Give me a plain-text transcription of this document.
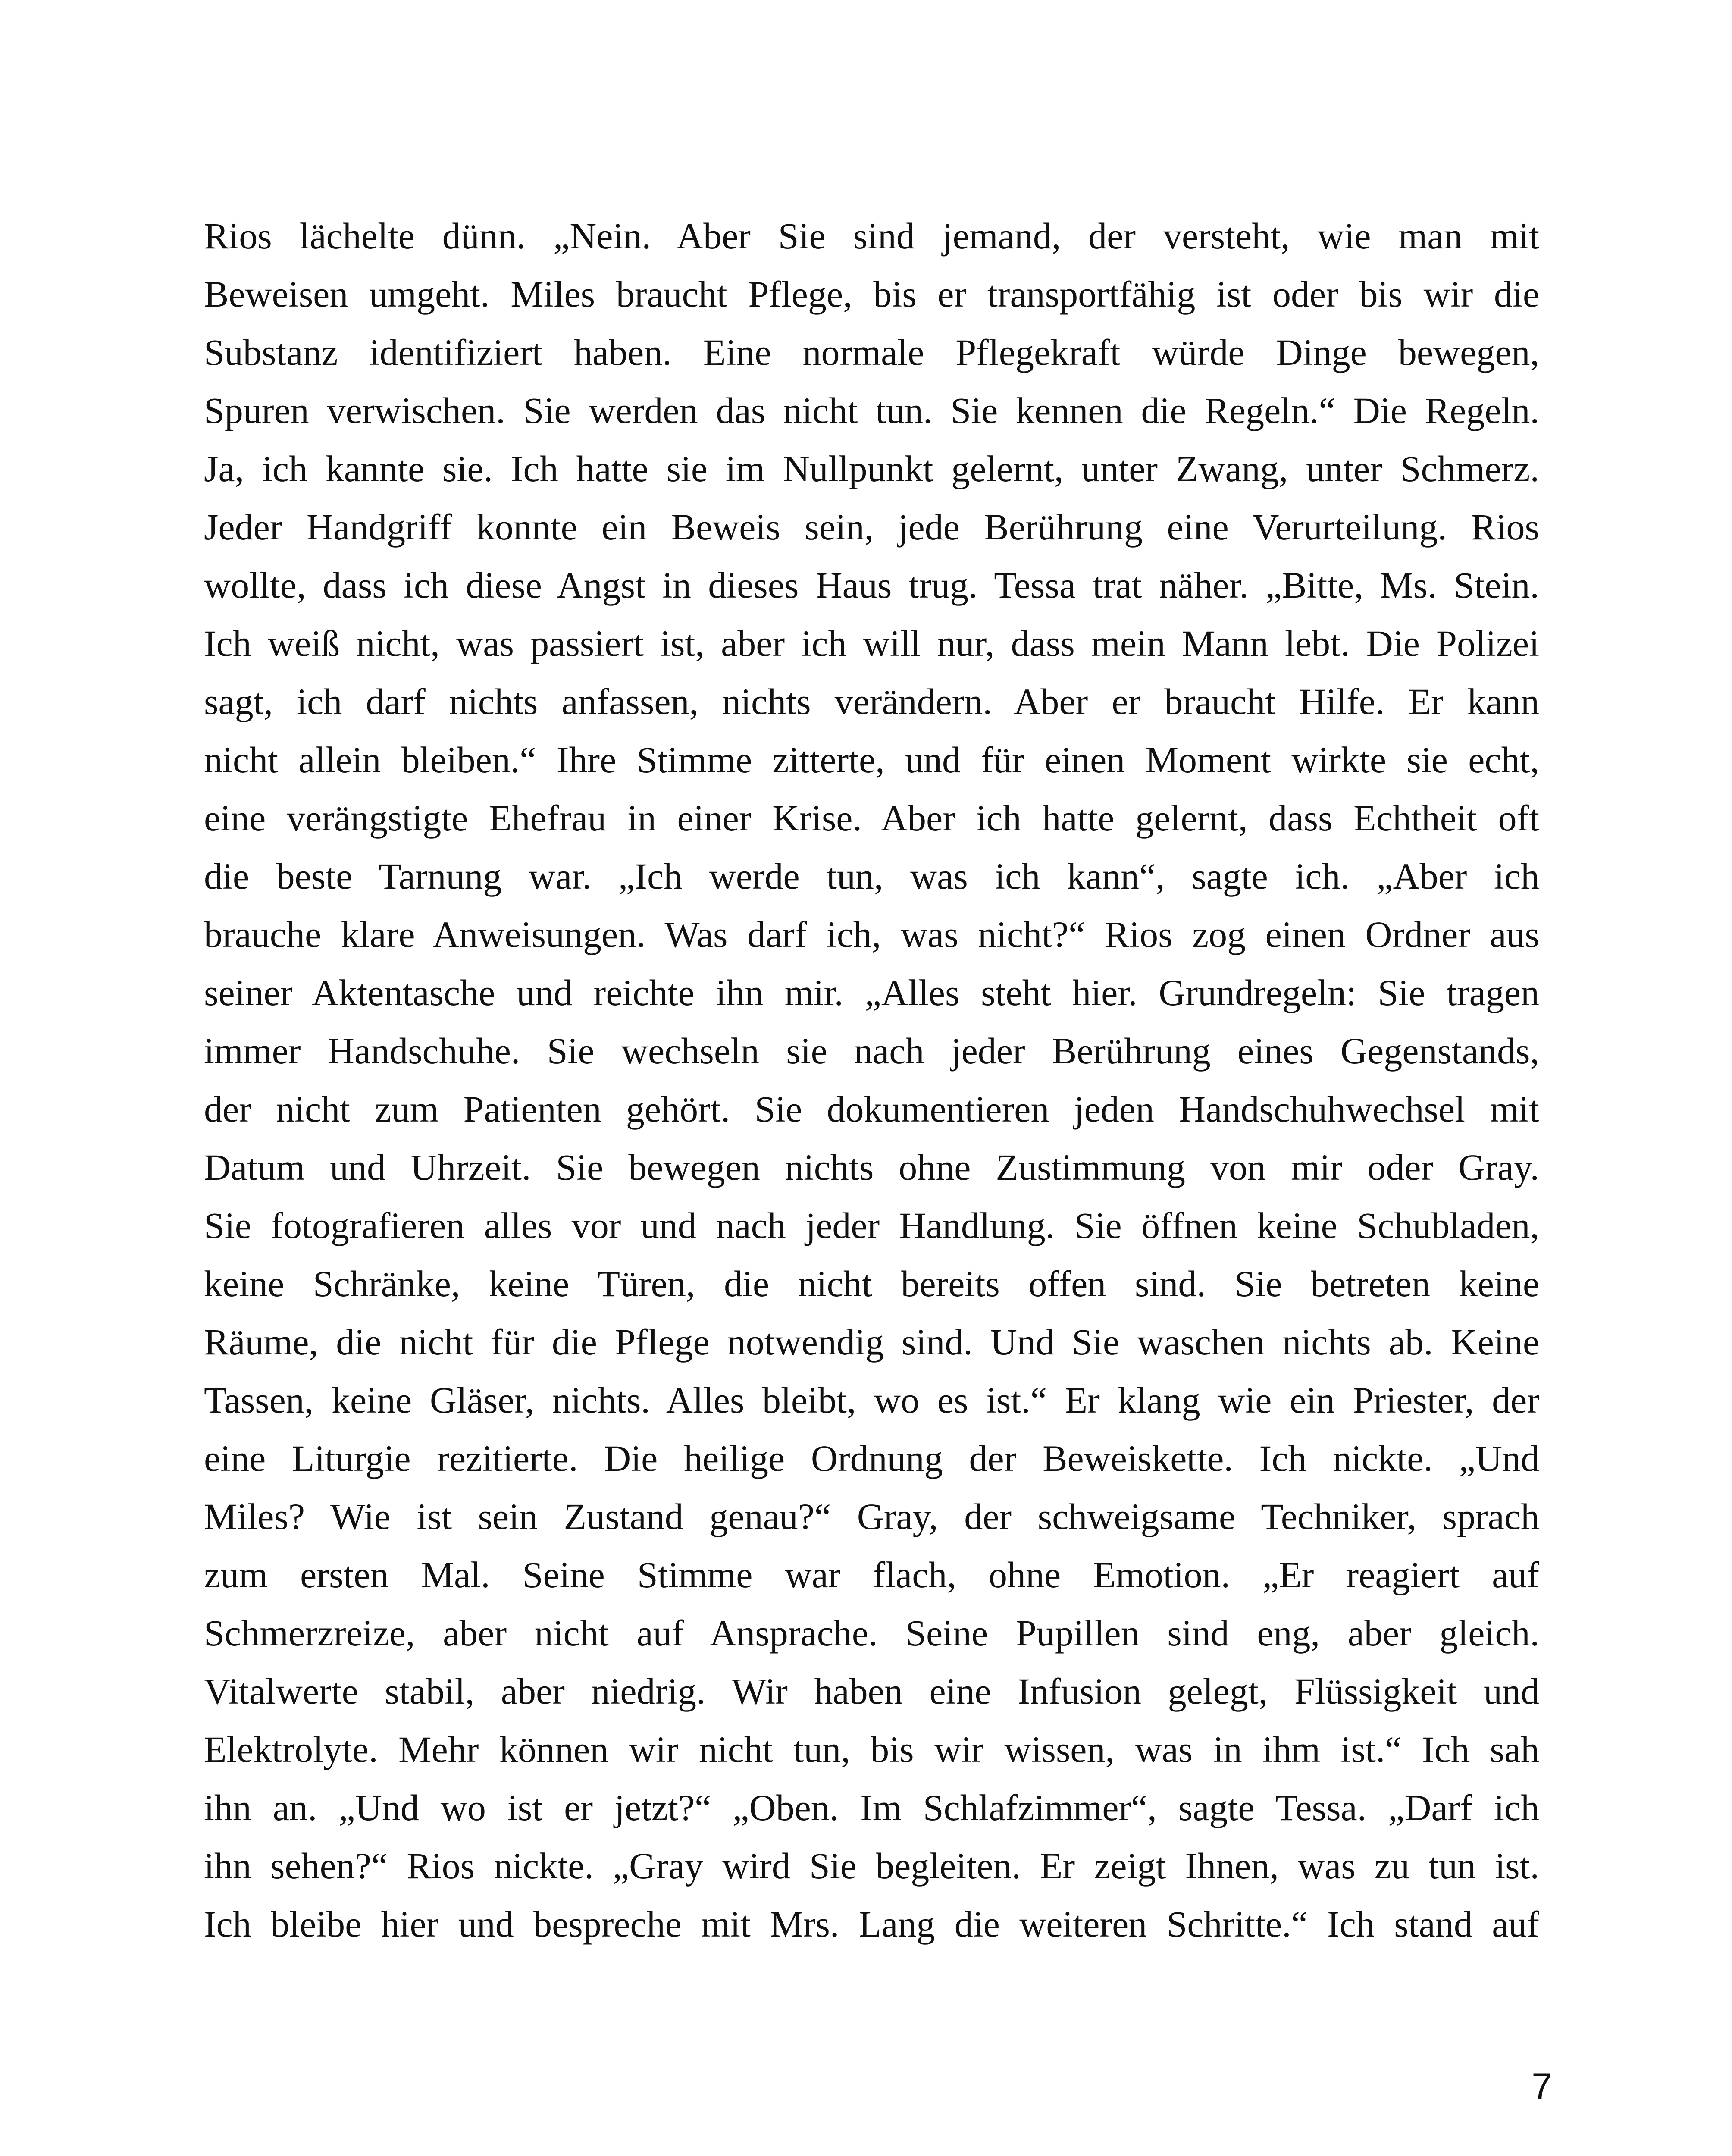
Rios lächelte dünn. „Nein. Aber Sie sind jemand, der versteht, wie man mit
Beweisen umgeht. Miles braucht Pflege, bis er transportfähig ist oder bis wir die
Substanz identifiziert haben. Eine normale Pflegekraft würde Dinge bewegen,
Spuren verwischen. Sie werden das nicht tun. Sie kennen die Regeln.“ Die Regeln.
Ja, ich kannte sie. Ich hatte sie im Nullpunkt gelernt, unter Zwang, unter Schmerz.
Jeder Handgriff konnte ein Beweis sein, jede Berührung eine Verurteilung. Rios
wollte, dass ich diese Angst in dieses Haus trug. Tessa trat näher. „Bitte, Ms. Stein.
Ich weiß nicht, was passiert ist, aber ich will nur, dass mein Mann lebt. Die Polizei
sagt, ich darf nichts anfassen, nichts verändern. Aber er braucht Hilfe. Er kann
nicht allein bleiben.“ Ihre Stimme zitterte, und für einen Moment wirkte sie echt,
eine verängstigte Ehefrau in einer Krise. Aber ich hatte gelernt, dass Echtheit oft
die beste Tarnung war. „Ich werde tun, was ich kann“, sagte ich. „Aber ich
brauche klare Anweisungen. Was darf ich, was nicht?“ Rios zog einen Ordner aus
seiner Aktentasche und reichte ihn mir. „Alles steht hier. Grundregeln: Sie tragen
immer Handschuhe. Sie wechseln sie nach jeder Berührung eines Gegenstands,
der nicht zum Patienten gehört. Sie dokumentieren jeden Handschuhwechsel mit
Datum und Uhrzeit. Sie bewegen nichts ohne Zustimmung von mir oder Gray.
Sie fotografieren alles vor und nach jeder Handlung. Sie öffnen keine Schubladen,
keine Schränke, keine Türen, die nicht bereits offen sind. Sie betreten keine
Räume, die nicht für die Pflege notwendig sind. Und Sie waschen nichts ab. Keine
Tassen, keine Gläser, nichts. Alles bleibt, wo es ist.“ Er klang wie ein Priester, der
eine Liturgie rezitierte. Die heilige Ordnung der Beweiskette. Ich nickte. „Und
Miles? Wie ist sein Zustand genau?“ Gray, der schweigsame Techniker, sprach
zum ersten Mal. Seine Stimme war flach, ohne Emotion. „Er reagiert auf
Schmerzreize, aber nicht auf Ansprache. Seine Pupillen sind eng, aber gleich.
Vitalwerte stabil, aber niedrig. Wir haben eine Infusion gelegt, Flüssigkeit und
Elektrolyte. Mehr können wir nicht tun, bis wir wissen, was in ihm ist.“ Ich sah
ihn an. „Und wo ist er jetzt?“ „Oben. Im Schlafzimmer“, sagte Tessa. „Darf ich
ihn sehen?“ Rios nickte. „Gray wird Sie begleiten. Er zeigt Ihnen, was zu tun ist.
Ich bleibe hier und bespreche mit Mrs. Lang die weiteren Schritte.“ Ich stand auf
7
